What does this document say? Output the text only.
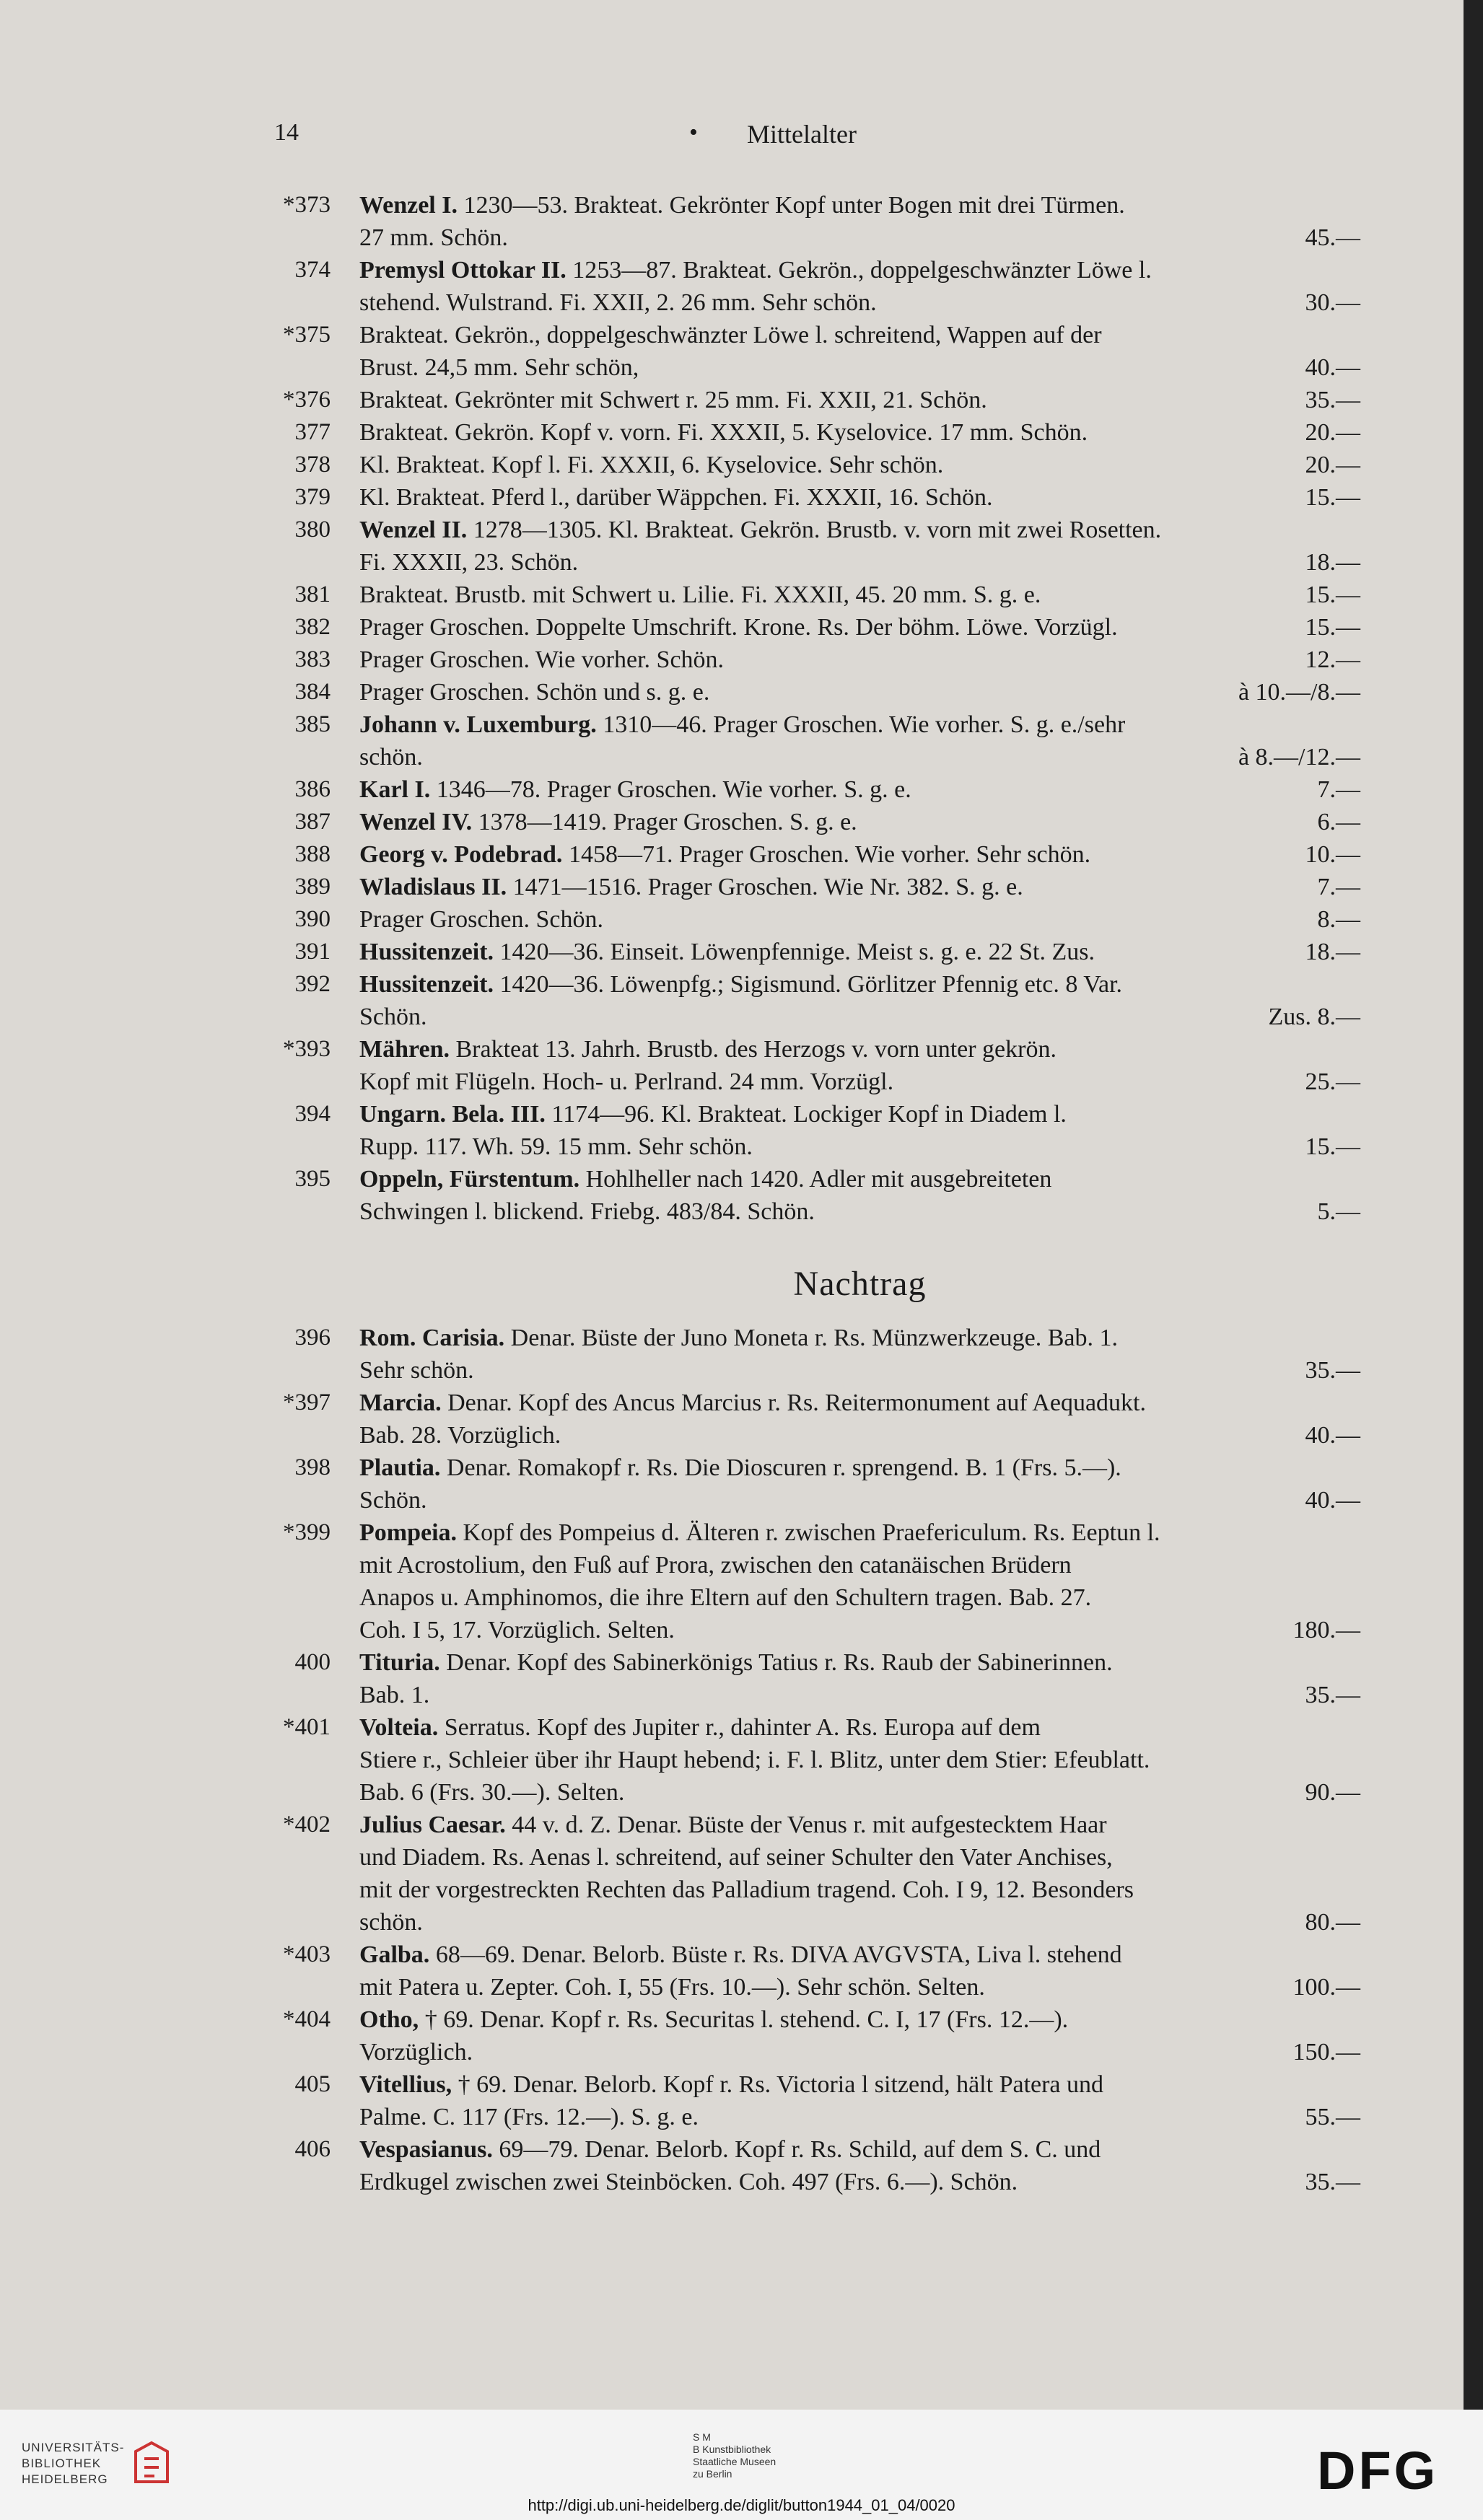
14	• Mittelalter
*373 Wenzel I. 1230—53. Brakteat. Gekrönter Kopf unter Bogen mit drei Türmen.
27 mm. Schön.	45.—
374 Premysl Ottokar II. 1253—87. Brakteat. Gekrön., doppelgeschwänzter Löwe l.
stehend. Wulstrand. Fi. XXII, 2. 26 mm. Sehr schön.	30.—
*375 Brakteat. Gekrön., doppelgeschwänzter Löwe l. schreitend, Wappen auf der
Brust. 24,5 mm. Sehr schön,	40.—
*376 Brakteat. Gekrönter mit Schwert r. 25 mm. Fi. XXII, 21. Schön.	35.—
377 Brakteat. Gekrön. Kopf v. vorn. Fi. XXXII, 5. Kyselovice. 17 mm. Schön.	20.—
378 Kl. Brakteat. Kopf l. Fi. XXXII, 6. Kyselovice. Sehr schön.	20.—
379 Kl. Brakteat. Pferd l., darüber Wäppchen. Fi. XXXII, 16. Schön.	15.—
380 Wenzel II. 1278—1305. Kl. Brakteat. Gekrön. Brustb. v. vorn mit zwei Rosetten.
Fi. XXXII, 23. Schön.	18.—
381 Brakteat. Brustb. mit Schwert u. Lilie. Fi. XXXII, 45. 20 mm. S. g. e.	15.—
382 Prager Groschen. Doppelte Umschrift. Krone. Rs. Der böhm. Löwe. Vorzügl.	15.—
383 Prager Groschen. Wie vorher. Schön.	12.—
384 Prager Groschen. Schön und s. g. e.	à 10.—/8.—
385 Johann v. Luxemburg. 1310—46. Prager Groschen. Wie vorher. S. g. e./sehr
schön.	à 8.—/12.—
386 Karl I. 1346—78. Prager Groschen. Wie vorher. S. g. e.	7.—
387 Wenzel IV. 1378—1419. Prager Groschen. S. g. e.	6.—
388 Georg v. Podebrad. 1458—71. Prager Groschen. Wie vorher. Sehr schön.	10.—
389 Wladislaus II. 1471—1516. Prager Groschen. Wie Nr. 382. S. g. e.	7.—
390 Prager Groschen. Schön.	8.—
391 Hussitenzeit. 1420—36. Einseit. Löwenpfennige. Meist s. g. e. 22 St. Zus.	18.—
392 Hussitenzeit. 1420—36. Löwenpfg.; Sigismund. Görlitzer Pfennig etc. 8 Var.
Schön.	Zus. 8.—
*393 Mähren. Brakteat 13. Jahrh. Brustb. des Herzogs v. vorn unter gekrön.
Kopf mit Flügeln. Hoch- u. Perlrand. 24 mm. Vorzügl.	25.—
394 Ungarn. Bela. III. 1174—96. Kl. Brakteat. Lockiger Kopf in Diadem l.
Rupp. 117. Wh. 59. 15 mm. Sehr schön.	15.—
395 Oppeln, Fürstentum. Hohlheller nach 1420. Adler mit ausgebreiteten
Schwingen l. blickend. Friebg. 483/84. Schön.	5.—
Nachtrag
396 Rom. Carisia. Denar. Büste der Juno Moneta r. Rs. Münzwerkzeuge. Bab. 1.
Sehr schön.	35.—
*397 Marcia. Denar. Kopf des Ancus Marcius r. Rs. Reitermonument auf Aequadukt.
Bab. 28. Vorzüglich.	40.—
398 Plautia. Denar. Romakopf r. Rs. Die Dioscuren r. sprengend. B. 1 (Frs. 5.—).
Schön.	40.—
*399 Pompeia. Kopf des Pompeius d. Älteren r. zwischen Praefericulum. Rs. Eeptun l.
mit Acrostolium, den Fuß auf Prora, zwischen den catanäischen Brüdern
Anapos u. Amphinomos, die ihre Eltern auf den Schultern tragen. Bab. 27.
Coh. I 5, 17. Vorzüglich. Selten.	180.—
400 Tituria. Denar. Kopf des Sabinerkönigs Tatius r. Rs. Raub der Sabinerinnen.
Bab. 1.	35.—
*401 Volteia. Serratus. Kopf des Jupiter r., dahinter A. Rs. Europa auf dem
Stiere r., Schleier über ihr Haupt hebend; i. F. l. Blitz, unter dem Stier: Efeublatt.
Bab. 6 (Frs. 30.—). Selten.	90.—
*402 Julius Caesar. 44 v. d. Z. Denar. Büste der Venus r. mit aufgestecktem Haar
und Diadem. Rs. Aenas l. schreitend, auf seiner Schulter den Vater Anchises,
mit der vorgestreckten Rechten das Palladium tragend. Coh. I 9, 12. Besonders
schön.	80.—
*403 Galba. 68—69. Denar. Belorb. Büste r. Rs. DIVA AVGVSTA, Liva l. stehend
mit Patera u. Zepter. Coh. I, 55 (Frs. 10.—). Sehr schön. Selten.	100.—
*404 Otho, † 69. Denar. Kopf r. Rs. Securitas l. stehend. C. I, 17 (Frs. 12.—).
Vorzüglich.	150.—
405 Vitellius, † 69. Denar. Belorb. Kopf r. Rs. Victoria l sitzend, hält Patera und
Palme. C. 117 (Frs. 12.—). S. g. e.	55.—
406 Vespasianus. 69—79. Denar. Belorb. Kopf r. Rs. Schild, auf dem S. C. und
Erdkugel zwischen zwei Steinböcken. Coh. 497 (Frs. 6.—). Schön.	35.—
UNIVERSITÄTS-
BIBLIOTHEK
HEIDELBERG
S M
B Kunstbibliothek
Staatliche Museen
zu Berlin	DFG
http://digi.ub.uni-heidelberg.de/diglit/button1944_01_04/0020
